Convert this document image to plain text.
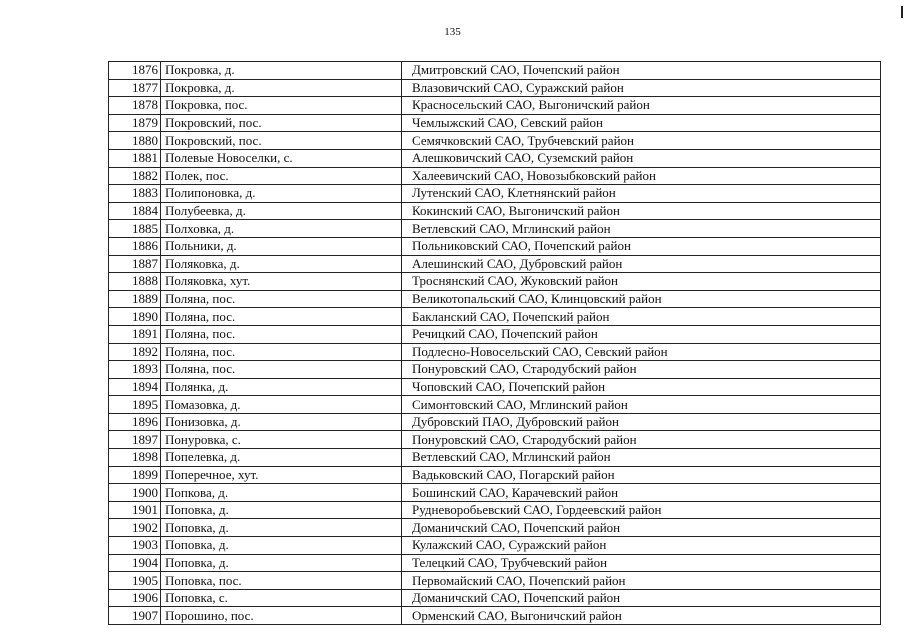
135
1876	Покровка, д.	Дмитровский САО, Почепский район
1877	Покровка, д.	Влазовичский САО, Суражский район
1878	Покровка, пос.	Красносельский САО, Выгоничский район
1879	Покровский, пос.	Чемлыжский САО, Севский район
1880	Покровский, пос.	Семячковский САО, Трубчевский район
1881	Полевые Новоселки, с.	Алешковичский САО, Суземский район
1882	Полек, пос.	Халеевичский САО, Новозыбковский район
1883	Полипоновка, д.	Лутенский САО, Клетнянский район
1884	Полубеевка, д.	Кокинский САО, Выгоничский район
1885	Полховка, д.	Ветлевский САО, Мглинский район
1886	Польники, д.	Польниковский САО, Почепский район
1887	Поляковка, д.	Алешинский САО, Дубровский район
1888	Поляковка, хут.	Троснянский САО, Жуковский район
1889	Поляна, пос.	Великотопальский САО, Клинцовский район
1890	Поляна, пос.	Бакланский САО, Почепский район
1891	Поляна, пос.	Речицкий САО, Почепский район
1892	Поляна, пос.	Подлесно-Новосельский САО, Севский район
1893	Поляна, пос.	Понуровский САО, Стародубский район
1894	Полянка, д.	Чоповский САО, Почепский район
1895	Помазовка, д.	Симонтовский САО, Мглинский район
1896	Понизовка, д.	Дубровский ПАО, Дубровский район
1897	Понуровка, с.	Понуровский САО, Стародубский район
1898	Попелевка, д.	Ветлевский САО, Мглинский район
1899	Поперечное, хут.	Вадьковский САО, Погарский район
1900	Попкова, д.	Бошинский САО, Карачевский район
1901	Поповка, д.	Рудневоробьевский САО, Гордеевский район
1902	Поповка, д.	Доманичский САО, Почепский район
1903	Поповка, д.	Кулажский САО, Суражский район
1904	Поповка, д.	Телецкий САО, Трубчевский район
1905	Поповка, пос.	Первомайский САО, Почепский район
1906	Поповка, с.	Доманичский САО, Почепский район
1907	Порошино, пос.	Орменский САО, Выгоничский район
